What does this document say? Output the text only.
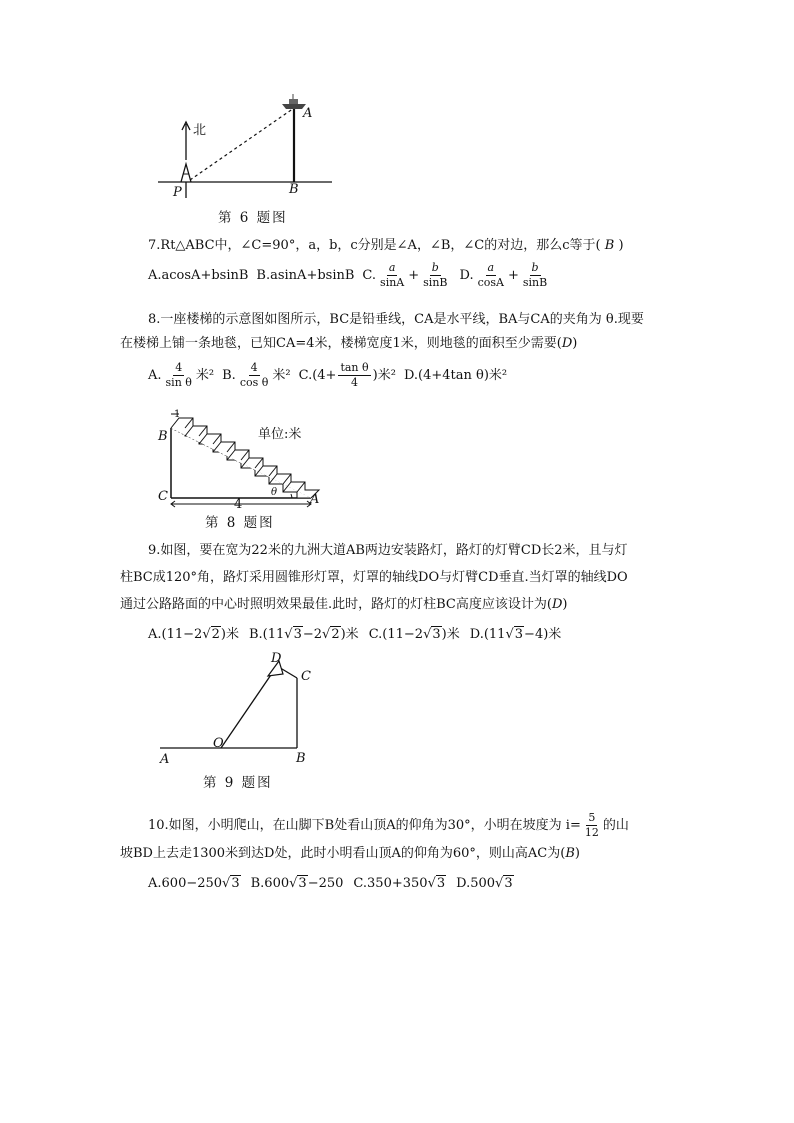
北
A
B
P
第 6 题图
7.Rt△ABC中，∠C=90°，a，b，c分别是∠A，∠B，∠C的对边，那么c等于( B )
A.acosA+bsinB B.asinA+bsinB C. $\frac{a}{\sin A} + \frac{b}{\sin B} D$. $\frac{a}{\cos A} + \frac{b}{\sin B}$
8.一座楼梯的示意图如图所示，BC是铅垂线，CA是水平线，BA与CA的夹角为 θ.现要
在楼梯上铺一条地毯，已知CA=4米，楼梯宽度1米，则地毯的面积至少需要(D)
A. $\frac{4}{\text{sin θ}}$ 米² B. $\frac{4}{\text{cos θ}}$ 米² $C.(4+ \frac{\text{tan θ}}{4}$ )米² D.(4+4tan θ)米²
1
单位:米
B
C	A
4
θ
第 8 题图
9.如图，要在宽为22米的九洲大道AB两边安装路灯，路灯的灯臂CD长2米，且与灯
柱BC成120°角，路灯采用圆锥形灯罩，灯罩的轴线DO与灯臂CD垂直.当灯罩的轴线DO
通过公路路面的中心时照明效果最佳.此时，路灯的灯柱BC高度应该设计为(D)
A.(11−2√2)米 B.(11√3−2√2)米 C.(11−2√3)米 D.(11√3−4)米
D
C
O
A	B
第 9 题图
10.如图，小明爬山，在山脚下B处看山顶A的仰角为30°，小明在坡度为 $i= \frac{5}{12}$ 的山
坡BD上去走1300米到达D处，此时小明看山顶A的仰角为60°，则山高AC为(B)
A.600−250√3 B.600√3−250 C.350+350√3 D.500√3
